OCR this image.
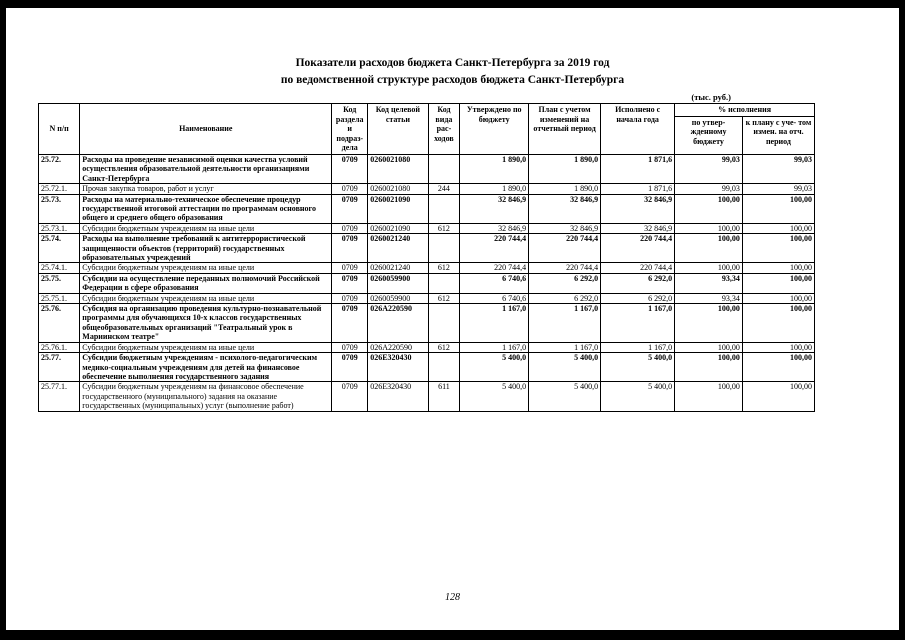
Показатели расходов бюджета Санкт-Петербурга за 2019 год
по ведомственной структуре расходов бюджета Санкт-Петербурга
(тыс. руб.)
N п/п	Наименование	Код раздела и подраз- дела	Код целевой статьи	Код вида рас- ходов	Утверждено по бюджету	План с учетом изменений на отчетный период	Исполнено с начала года	% исполнения	
								по утвер- жденному бюджету	к плану с уче- том измен. на отч. период
25.72.	Расходы на проведение независимой оценки качества условий осуществления образовательной деятельности организациями Санкт-Петербурга	0709	0260021080		1 890,0	1 890,0	1 871,6	99,03	99,03
25.72.1.	Прочая закупка товаров, работ и услуг	0709	0260021080	244	1 890,0	1 890,0	1 871,6	99,03	99,03
25.73.	Расходы на материально-техническое обеспечение процедур государственной итоговой аттестации по программам основного общего и среднего общего образования	0709	0260021090		32 846,9	32 846,9	32 846,9	100,00	100,00
25.73.1.	Субсидии бюджетным учреждениям на иные цели	0709	0260021090	612	32 846,9	32 846,9	32 846,9	100,00	100,00
25.74.	Расходы на выполнение требований к антитеррористической защищенности объектов (территорий) государственных образовательных учреждений	0709	0260021240		220 744,4	220 744,4	220 744,4	100,00	100,00
25.74.1.	Субсидии бюджетным учреждениям на иные цели	0709	0260021240	612	220 744,4	220 744,4	220 744,4	100,00	100,00
25.75.	Субсидии на осуществление переданных полномочий Российской Федерации в сфере образования	0709	0260059900		6 740,6	6 292,0	6 292,0	93,34	100,00
25.75.1.	Субсидии бюджетным учреждениям на иные цели	0709	0260059900	612	6 740,6	6 292,0	6 292,0	93,34	100,00
25.76.	Субсидия на организацию проведения культурно-познавательной программы для обучающихся 10-х классов государственных общеобразовательных организаций "Театральный урок в Мариинском театре"	0709	026А220590		1 167,0	1 167,0	1 167,0	100,00	100,00
25.76.1.	Субсидии бюджетным учреждениям на иные цели	0709	026А220590	612	1 167,0	1 167,0	1 167,0	100,00	100,00
25.77.	Субсидии бюджетным учреждениям - психолого-педагогическим медико-социальным учреждениям для детей на финансовое обеспечение выполнения государственного задания	0709	026Е320430		5 400,0	5 400,0	5 400,0	100,00	100,00
25.77.1.	Субсидии бюджетным учреждениям на финансовое обеспечение государственного (муниципального) задания на оказание государственных (муниципальных) услуг (выполнение работ)	0709	026Е320430	611	5 400,0	5 400,0	5 400,0	100,00	100,00
128
